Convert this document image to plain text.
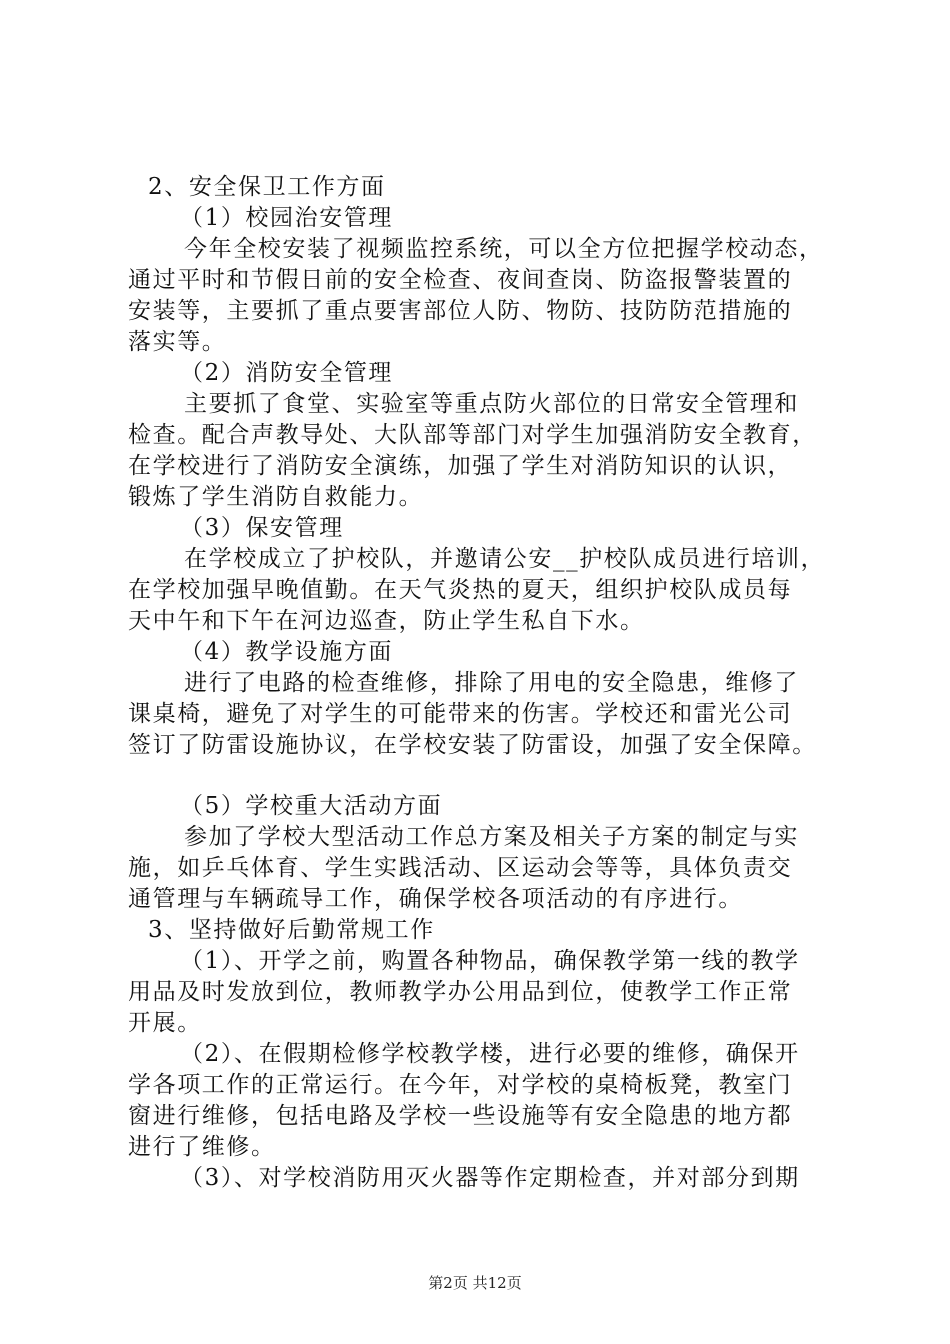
2、安全保卫工作方面
（1）校园治安管理
今年全校安装了视频监控系统，可以全方位把握学校动态，
通过平时和节假日前的安全检查、夜间查岗、防盗报警装置的
安装等，主要抓了重点要害部位人防、物防、技防防范措施的
落实等。
（2）消防安全管理
主要抓了食堂、实验室等重点防火部位的日常安全管理和
检查。配合声教导处、大队部等部门对学生加强消防安全教育，
在学校进行了消防安全演练，加强了学生对消防知识的认识，
锻炼了学生消防自救能力。
（3）保安管理
在学校成立了护校队，并邀请公安__护校队成员进行培训，
在学校加强早晚值勤。在天气炎热的夏天，组织护校队成员每
天中午和下午在河边巡查，防止学生私自下水。
（4）教学设施方面
进行了电路的检查维修，排除了用电的安全隐患，维修了
课桌椅，避免了对学生的可能带来的伤害。学校还和雷光公司
签订了防雷设施协议，在学校安装了防雷设，加强了安全保障。
（5）学校重大活动方面
参加了学校大型活动工作总方案及相关子方案的制定与实
施，如乒乓体育、学生实践活动、区运动会等等，具体负责交
通管理与车辆疏导工作，确保学校各项活动的有序进行。
3、坚持做好后勤常规工作
（1）、开学之前，购置各种物品，确保教学第一线的教学
用品及时发放到位，教师教学办公用品到位，使教学工作正常
开展。
（2）、在假期检修学校教学楼，进行必要的维修，确保开
学各项工作的正常运行。在今年，对学校的桌椅板凳，教室门
窗进行维修，包括电路及学校一些设施等有安全隐患的地方都
进行了维修。
（3）、对学校消防用灭火器等作定期检查，并对部分到期
第2页 共12页
